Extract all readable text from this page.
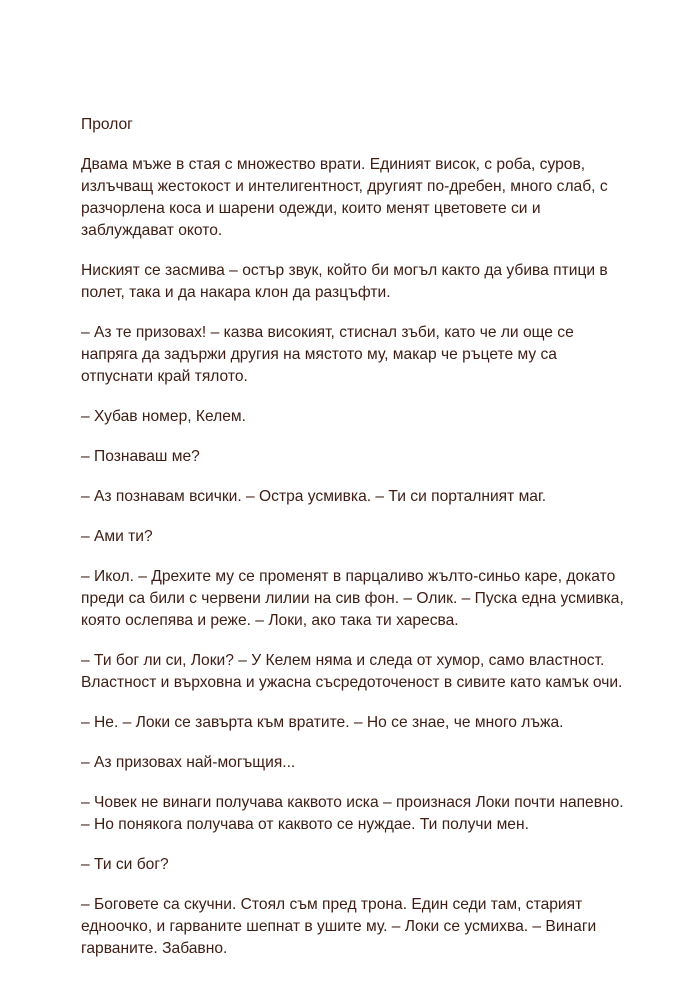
Пролог

Двама мъже в стая с множество врати. Единият висок, с роба, суров, излъчващ жестокост и интелигентност, другият по-дребен, много слаб, с разчорлена коса и шарени одежди, които менят цветовете си и заблуждават окото.

Ниският се засмива – остър звук, който би могъл както да убива птици в полет, така и да накара клон да разцъфти.

– Аз те призовах! – казва високият, стиснал зъби, като че ли още се напряга да задържи другия на мястото му, макар че ръцете му са отпуснати край тялото.

– Хубав номер, Келем.

– Познаваш ме?

– Аз познавам всички. – Остра усмивка. – Ти си порталният маг.

– Ами ти?

– Икол. – Дрехите му се променят в парцаливо жълто-синьо каре, докато преди са били с червени лилии на сив фон. – Олик. – Пуска една усмивка, която ослепява и реже. – Локи, ако така ти харесва.

– Ти бог ли си, Локи? – У Келем няма и следа от хумор, само властност. Властност и върховна и ужасна съсредоточеност в сивите като камък очи.

– Не. – Локи се завърта към вратите. – Но се знае, че много лъжа.

– Аз призовах най-могъщия...

– Човек не винаги получава каквото иска – произнася Локи почти напевно. – Но понякога получава от каквото се нуждае. Ти получи мен.

– Ти си бог?

– Боговете са скучни. Стоял съм пред трона. Един седи там, старият едноочко, и гарваните шепнат в ушите му. – Локи се усмихва. – Винаги гарваните. Забавно.
